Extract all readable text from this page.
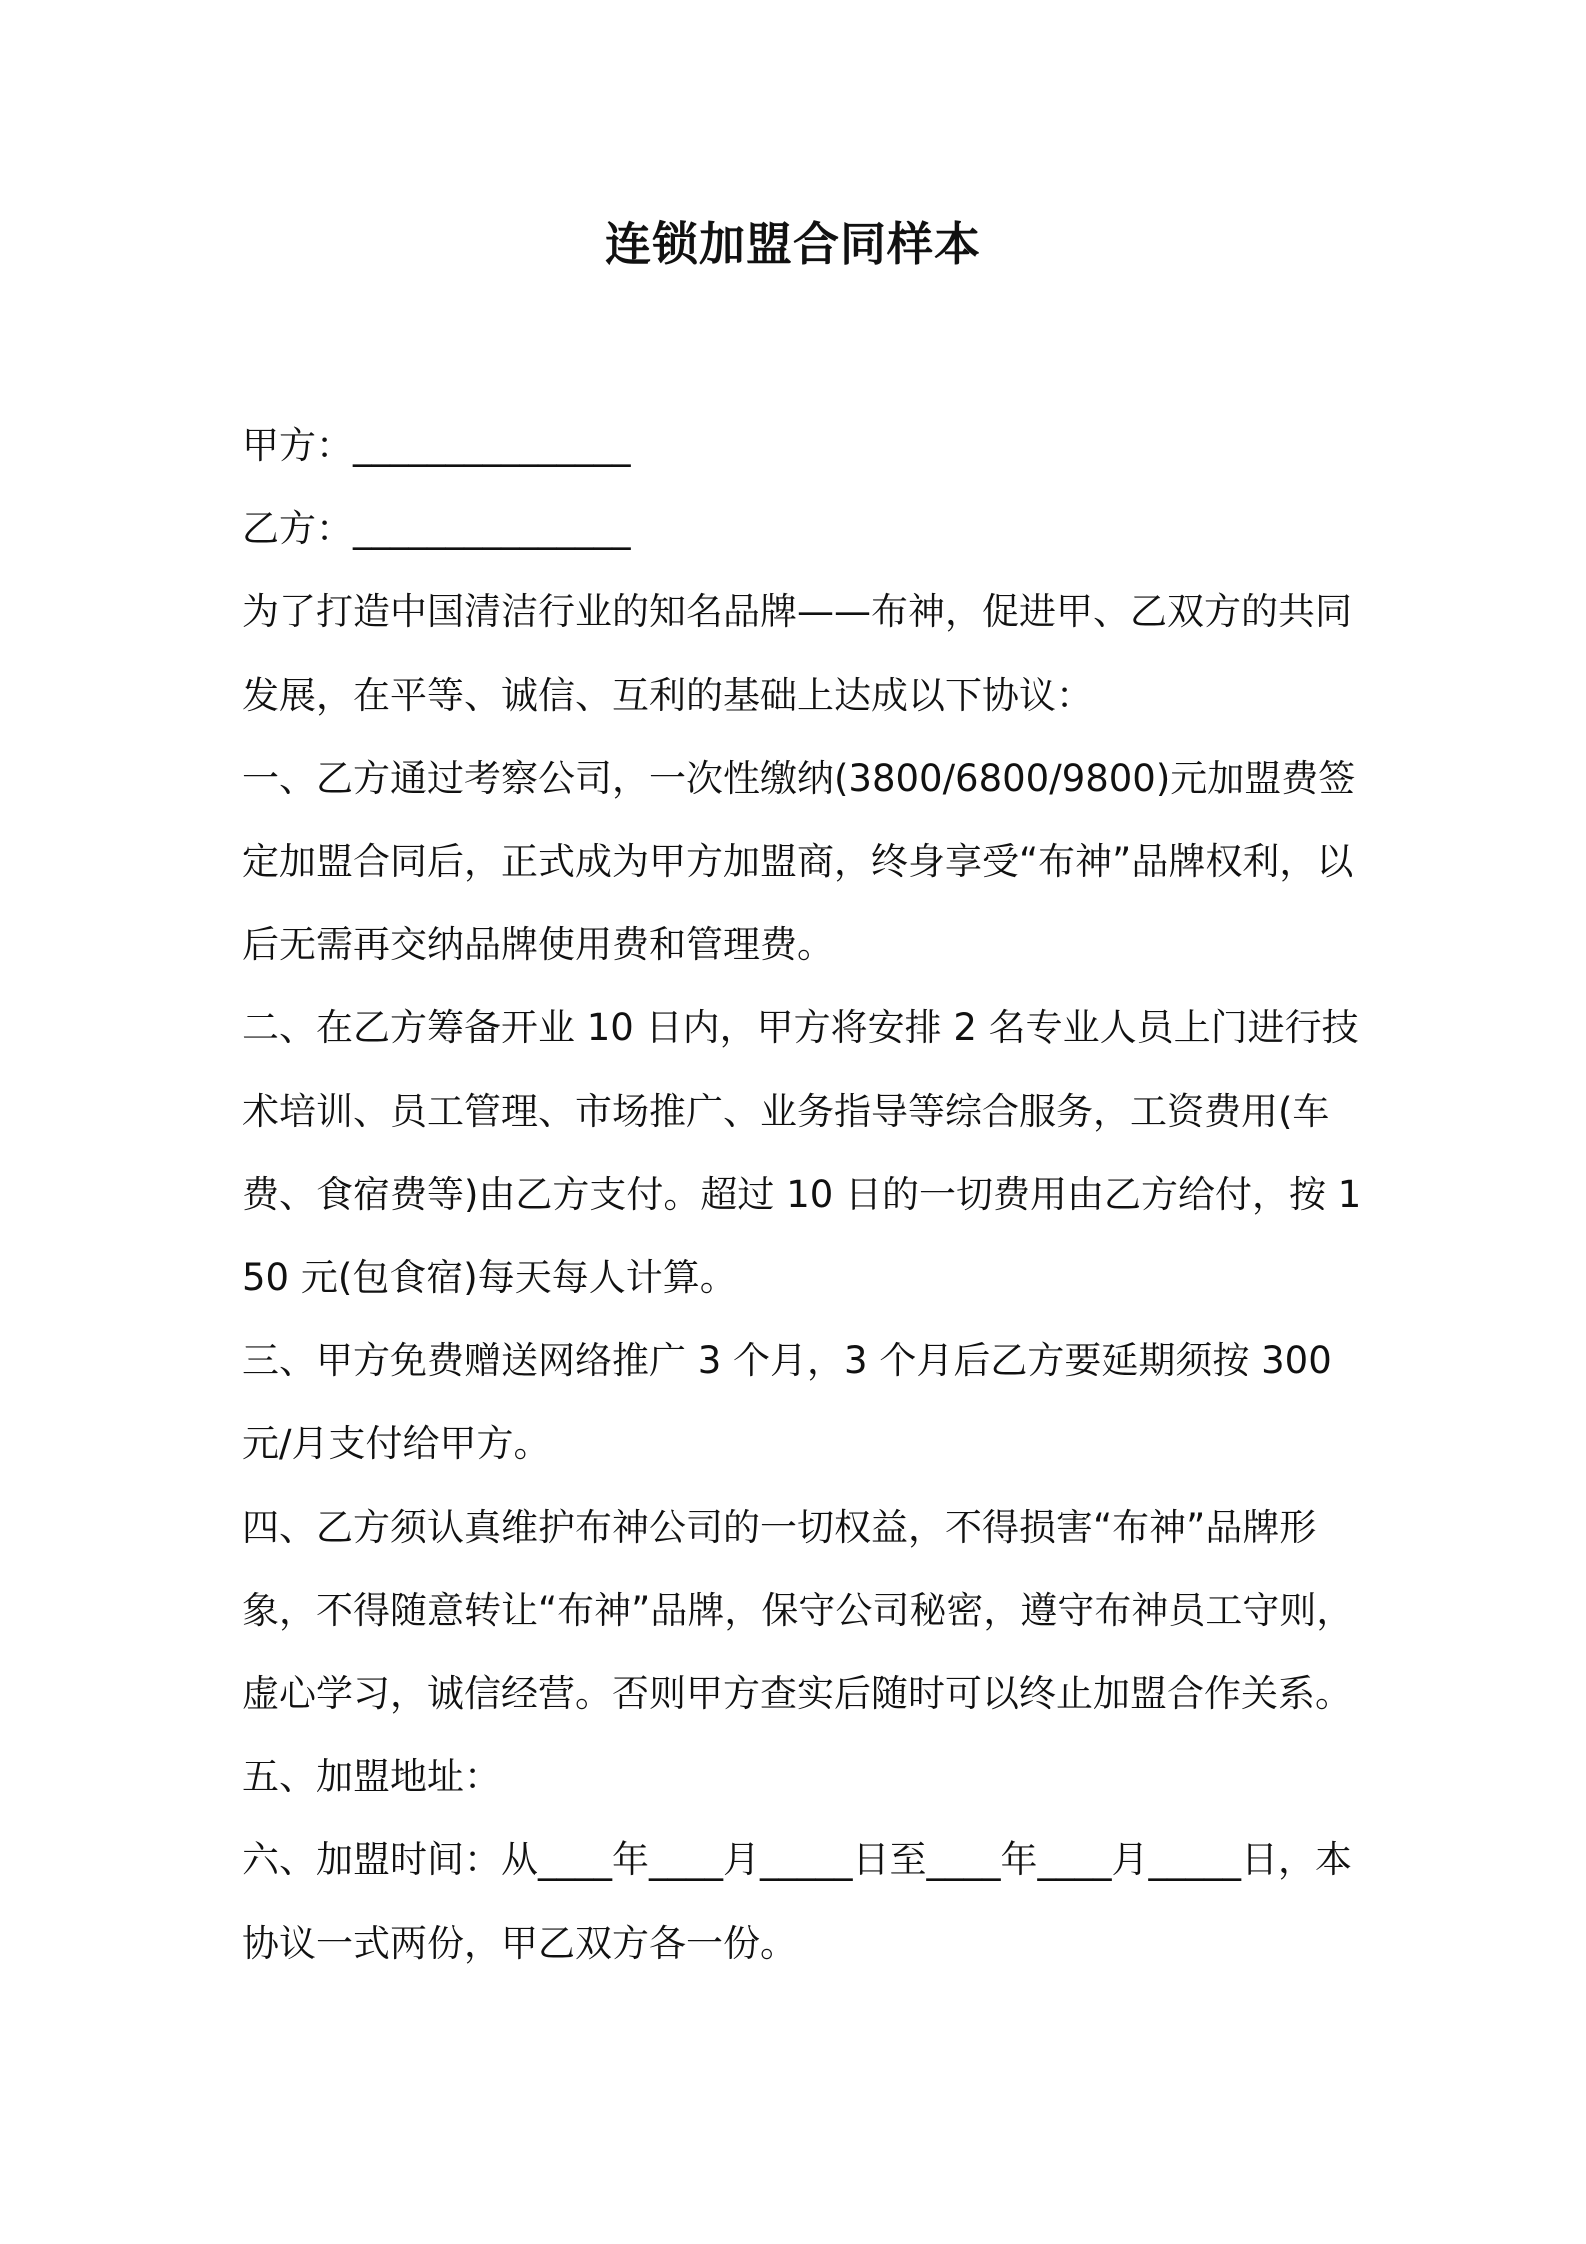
连锁加盟合同样本

甲方：_______________

乙方：_______________

为了打造中国清洁行业的知名品牌——布神，促进甲、乙双方的共同发展，在平等、诚信、互利的基础上达成以下协议：

一、乙方通过考察公司，一次性缴纳(3800/6800/9800)元加盟费签定加盟合同后，正式成为甲方加盟商，终身享受“布神”品牌权利，以后无需再交纳品牌使用费和管理费。

二、在乙方筹备开业 10 日内，甲方将安排 2 名专业人员上门进行技术培训、员工管理、市场推广、业务指导等综合服务，工资费用(车费、食宿费等)由乙方支付。超过 10 日的一切费用由乙方给付，按 150 元(包食宿)每天每人计算。

三、甲方免费赠送网络推广 3 个月，3 个月后乙方要延期须按 300 元/月支付给甲方。

四、乙方须认真维护布神公司的一切权益，不得损害“布神”品牌形象，不得随意转让“布神”品牌，保守公司秘密，遵守布神员工守则，虚心学习，诚信经营。否则甲方查实后随时可以终止加盟合作关系。

五、加盟地址：

六、加盟时间：从____年____月_____日至____年____月_____日，本协议一式两份，甲乙双方各一份。
